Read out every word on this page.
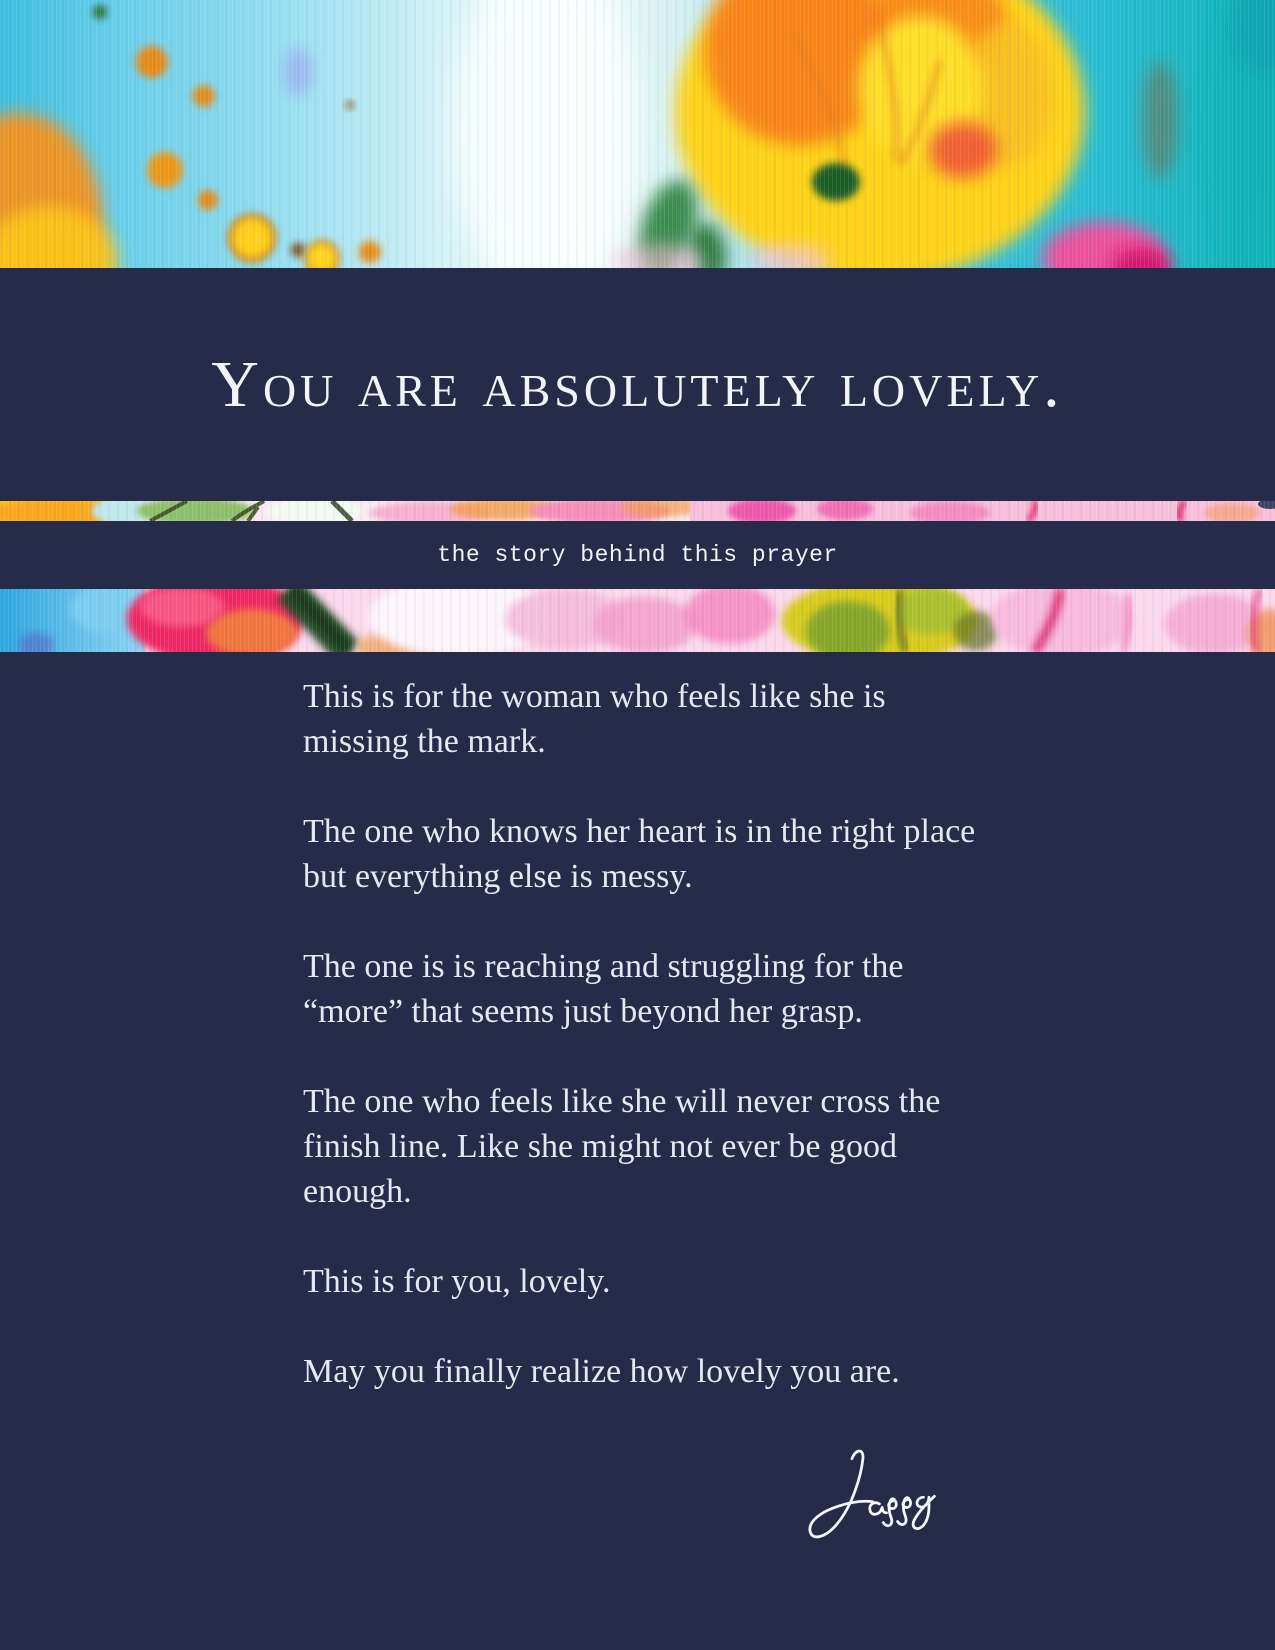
You are absolutely lovely.
the story behind this prayer

This is for the woman who feels like she is missing the mark.

The one who knows her heart is in the right place but everything else is messy.

The one is is reaching and struggling for the “more” that seems just beyond her grasp.

The one who feels like she will never cross the finish line. Like she might not ever be good enough.

This is for you, lovely.

May you finally realize how lovely you are.
